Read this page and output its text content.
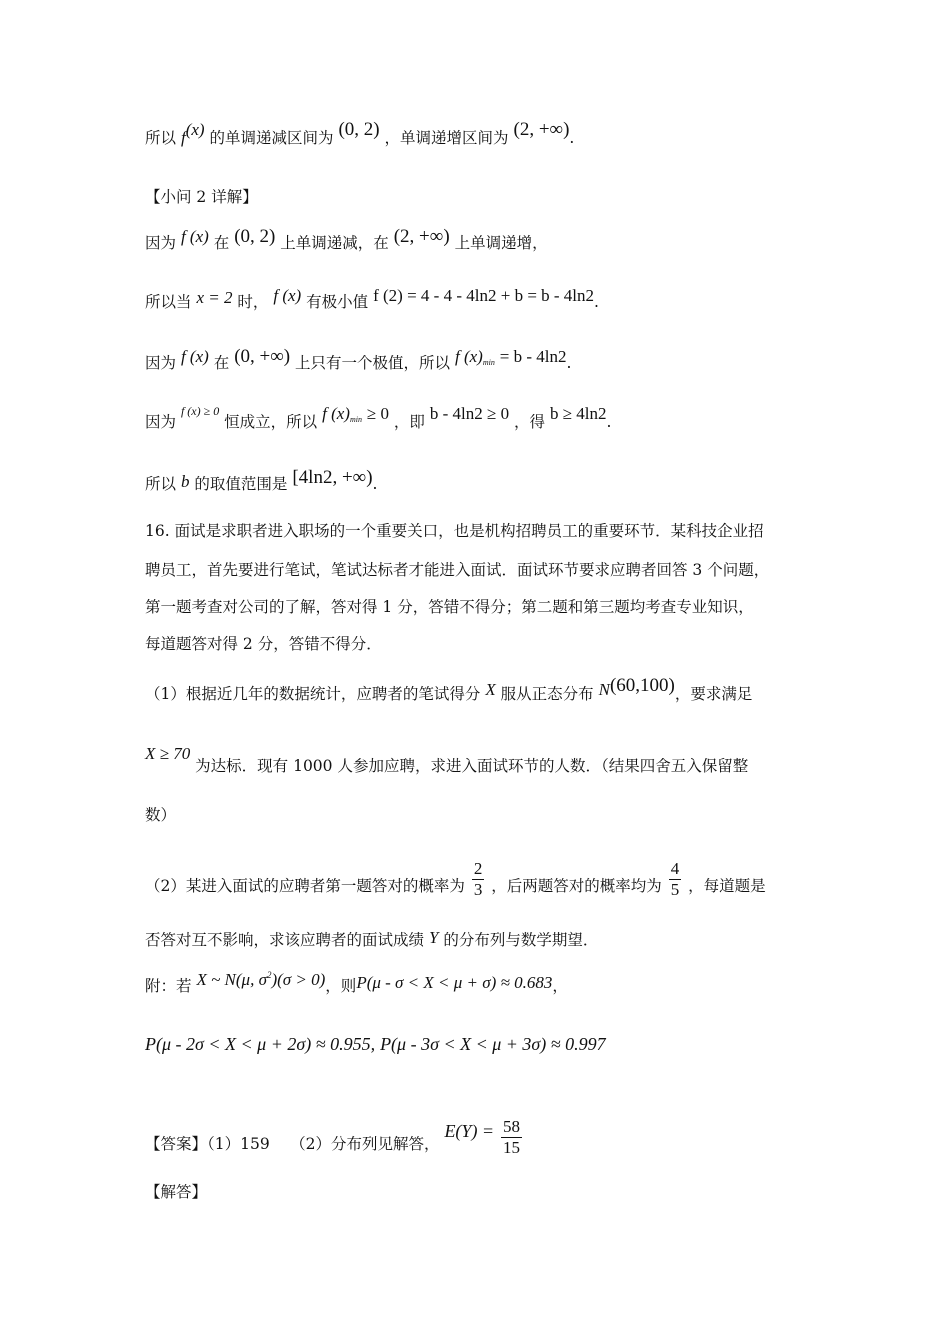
所以 f(x) 的单调递减区间为 (0, 2) ，单调递增区间为 (2, +∞).
【小问 2 详解】
因为 f (x) 在 (0, 2) 上单调递减，在 (2, +∞) 上单调递增，
所以当 x = 2 时， f (x) 有极小值 f (2) = 4 - 4 - 4ln2 + b = b - 4ln2.
因为 f (x) 在 (0, +∞) 上只有一个极值，所以 f $(x)_{min} = b - 4\ln 2$.
因为 $^{f (x) \ge 0}$ 恒成立，所以 f $(x)_{min} \ge 0$ ，即 b - 4ln2 ≥ 0 ，得 b ≥ 4ln2.
所以 b 的取值范围是 [4ln2, +∞).
16. 面试是求职者进入职场的一个重要关口，也是机构招聘员工的重要环节．某科技企业招
聘员工，首先要进行笔试，笔试达标者才能进入面试．面试环节要求应聘者回答 3 个问题，
第一题考查对公司的了解，答对得 1 分，答错不得分；第二题和第三题均考查专业知识，
每道题答对得 2 分，答错不得分．
（1）根据近几年的数据统计，应聘者的笔试得分 X 服从正态分布 N(60,100)，要求满足
X ≥ 70 为达标．现有 1000 人参加应聘，求进入面试环节的人数．（结果四舍五入保留整
数）
（2）某进入面试的应聘者第一题答对的概率为 $\frac{2}{3}$ ，后两题答对的概率均为 $\frac{4}{5}$ ，每道题是
否答对互不影响，求该应聘者的面试成绩 Y 的分布列与数学期望．
附：若 X ~ N(μ, $\sigma^2)(\sigma > 0)$，则P(μ - σ < X < μ + σ) ≈ 0.683，
P(μ - 2σ < X < μ + 2σ) ≈ 0.955, P(μ - 3σ < X < μ + 3σ) ≈ 0.997
【答案】（1）159　 （2）分布列见解答， $E(Y) = \frac{58}{15}$
【解答】
